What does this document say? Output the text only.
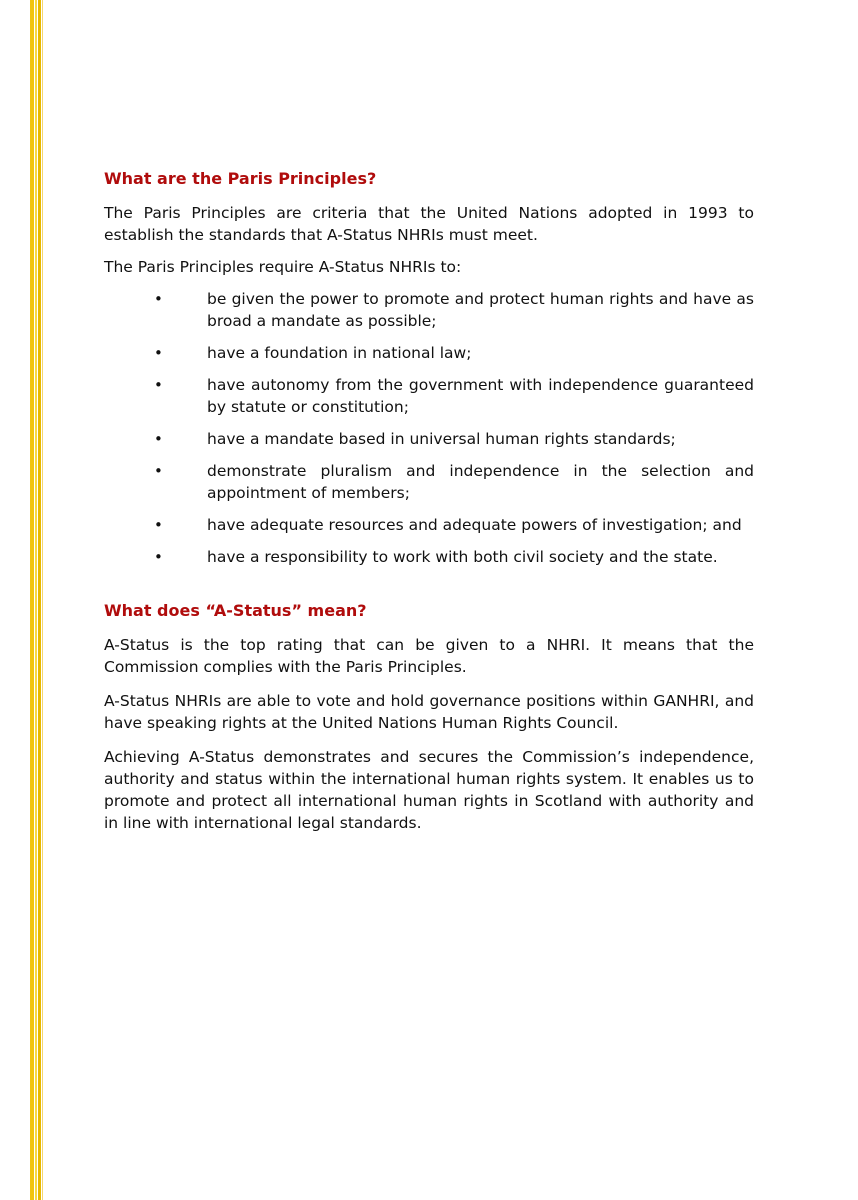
What are the Paris Principles?

The Paris Principles are criteria that the United Nations adopted in 1993 to establish the standards that A-Status NHRIs must meet.

The Paris Principles require A-Status NHRIs to:

•	be given the power to promote and protect human rights and have as broad a mandate as possible;
•	have a foundation in national law;
•	have autonomy from the government with independence guaranteed by statute or constitution;
•	have a mandate based in universal human rights standards;
•	demonstrate pluralism and independence in the selection and appointment of members;
•	have adequate resources and adequate powers of investigation; and
•	have a responsibility to work with both civil society and the state.
What does “A-Status” mean?

A-Status is the top rating that can be given to a NHRI. It means that the Commission complies with the Paris Principles.

A-Status NHRIs are able to vote and hold governance positions within GANHRI, and have speaking rights at the United Nations Human Rights Council.

Achieving A-Status demonstrates and secures the Commission’s independence, authority and status within the international human rights system. It enables us to promote and protect all international human rights in Scotland with authority and in line with international legal standards.
